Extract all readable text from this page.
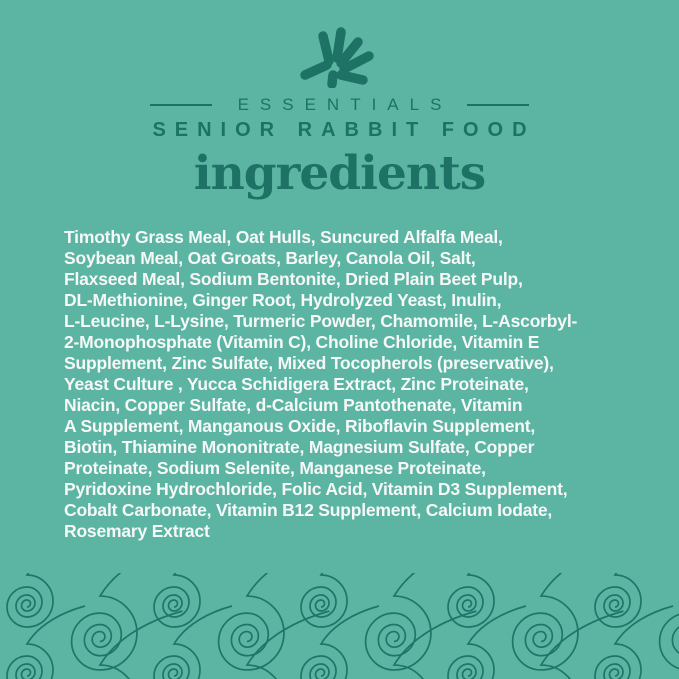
ESSENTIALS
SENIOR RABBIT FOOD
ingredients
Timothy Grass Meal, Oat Hulls, Suncured Alfalfa Meal,
Soybean Meal, Oat Groats, Barley, Canola Oil, Salt,
Flaxseed Meal, Sodium Bentonite, Dried Plain Beet Pulp,
DL-Methionine, Ginger Root, Hydrolyzed Yeast, Inulin,
L-Leucine, L-Lysine, Turmeric Powder, Chamomile, L-Ascorbyl-
2-Monophosphate (Vitamin C), Choline Chloride, Vitamin E
Supplement, Zinc Sulfate, Mixed Tocopherols (preservative),
Yeast Culture , Yucca Schidigera Extract, Zinc Proteinate,
Niacin, Copper Sulfate, d-Calcium Pantothenate, Vitamin
A Supplement, Manganous Oxide, Riboflavin Supplement,
Biotin, Thiamine Mononitrate, Magnesium Sulfate, Copper
Proteinate, Sodium Selenite, Manganese Proteinate,
Pyridoxine Hydrochloride, Folic Acid, Vitamin D3 Supplement,
Cobalt Carbonate, Vitamin B12 Supplement, Calcium Iodate,
Rosemary Extract
